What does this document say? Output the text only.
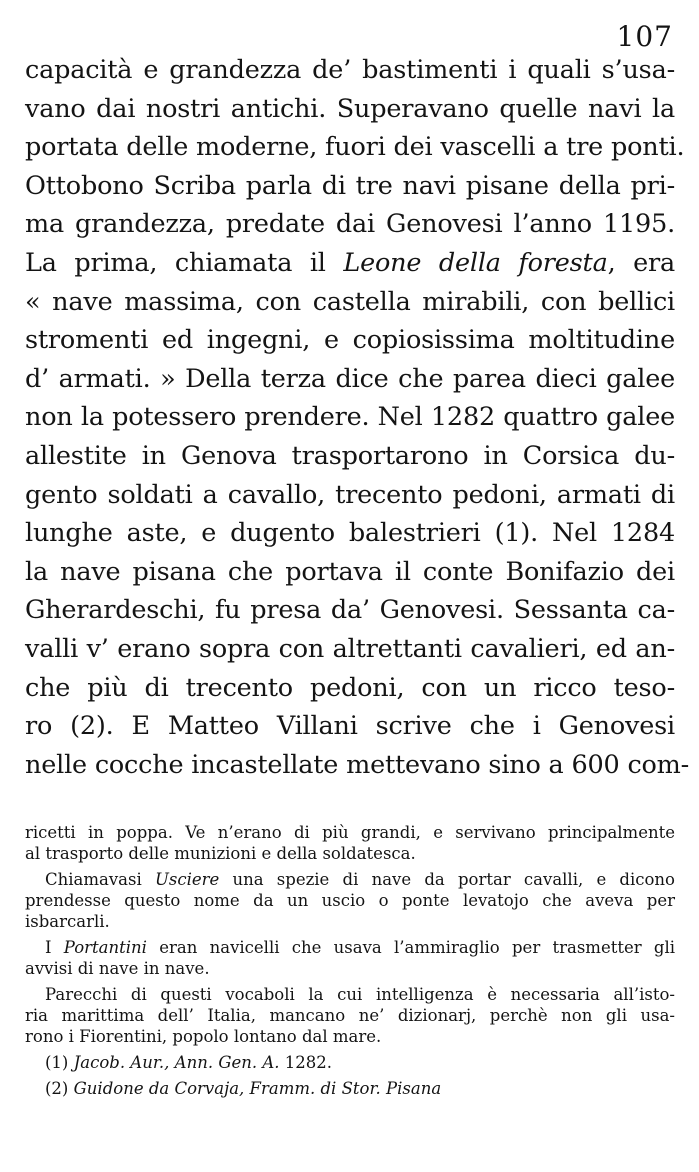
107
capacità e grandezza de’ bastimenti i quali s’usa-
vano dai nostri antichi. Superavano quelle navi la
portata delle moderne, fuori dei vascelli a tre ponti.
Ottobono Scriba parla di tre navi pisane della pri-
ma grandezza, predate dai Genovesi l’anno 1195.
La prima, chiamata il Leone della foresta, era
« nave massima, con castella mirabili, con bellici
stromenti ed ingegni, e copiosissima moltitudine
d’ armati. » Della terza dice che parea dieci galee
non la potessero prendere. Nel 1282 quattro galee
allestite in Genova trasportarono in Corsica du-
gento soldati a cavallo, trecento pedoni, armati di
lunghe aste, e dugento balestrieri (1). Nel 1284
la nave pisana che portava il conte Bonifazio dei
Gherardeschi, fu presa da’ Genovesi. Sessanta ca-
valli v’ erano sopra con altrettanti cavalieri, ed an-
che più di trecento pedoni, con un ricco teso-
ro (2). E Matteo Villani scrive che i Genovesi
nelle cocche incastellate mettevano sino a 600 com-
ricetti in poppa. Ve n’erano di più grandi, e servivano principalmente
al trasporto delle munizioni e della soldatesca.
Chiamavasi Usciere una spezie di nave da portar cavalli, e dicono
prendesse questo nome da un uscio o ponte levatojo che aveva per
isbarcarli.
I Portantini eran navicelli che usava l’ammiraglio per trasmetter gli
avvisi di nave in nave.
Parecchi di questi vocaboli la cui intelligenza è necessaria all’isto-
ria marittima dell’ Italia, mancano ne’ dizionarj, perchè non gli usa-
rono i Fiorentini, popolo lontano dal mare.
(1) Jacob. Aur., Ann. Gen. A. 1282.
(2) Guidone da Corvaja, Framm. di Stor. Pisana
